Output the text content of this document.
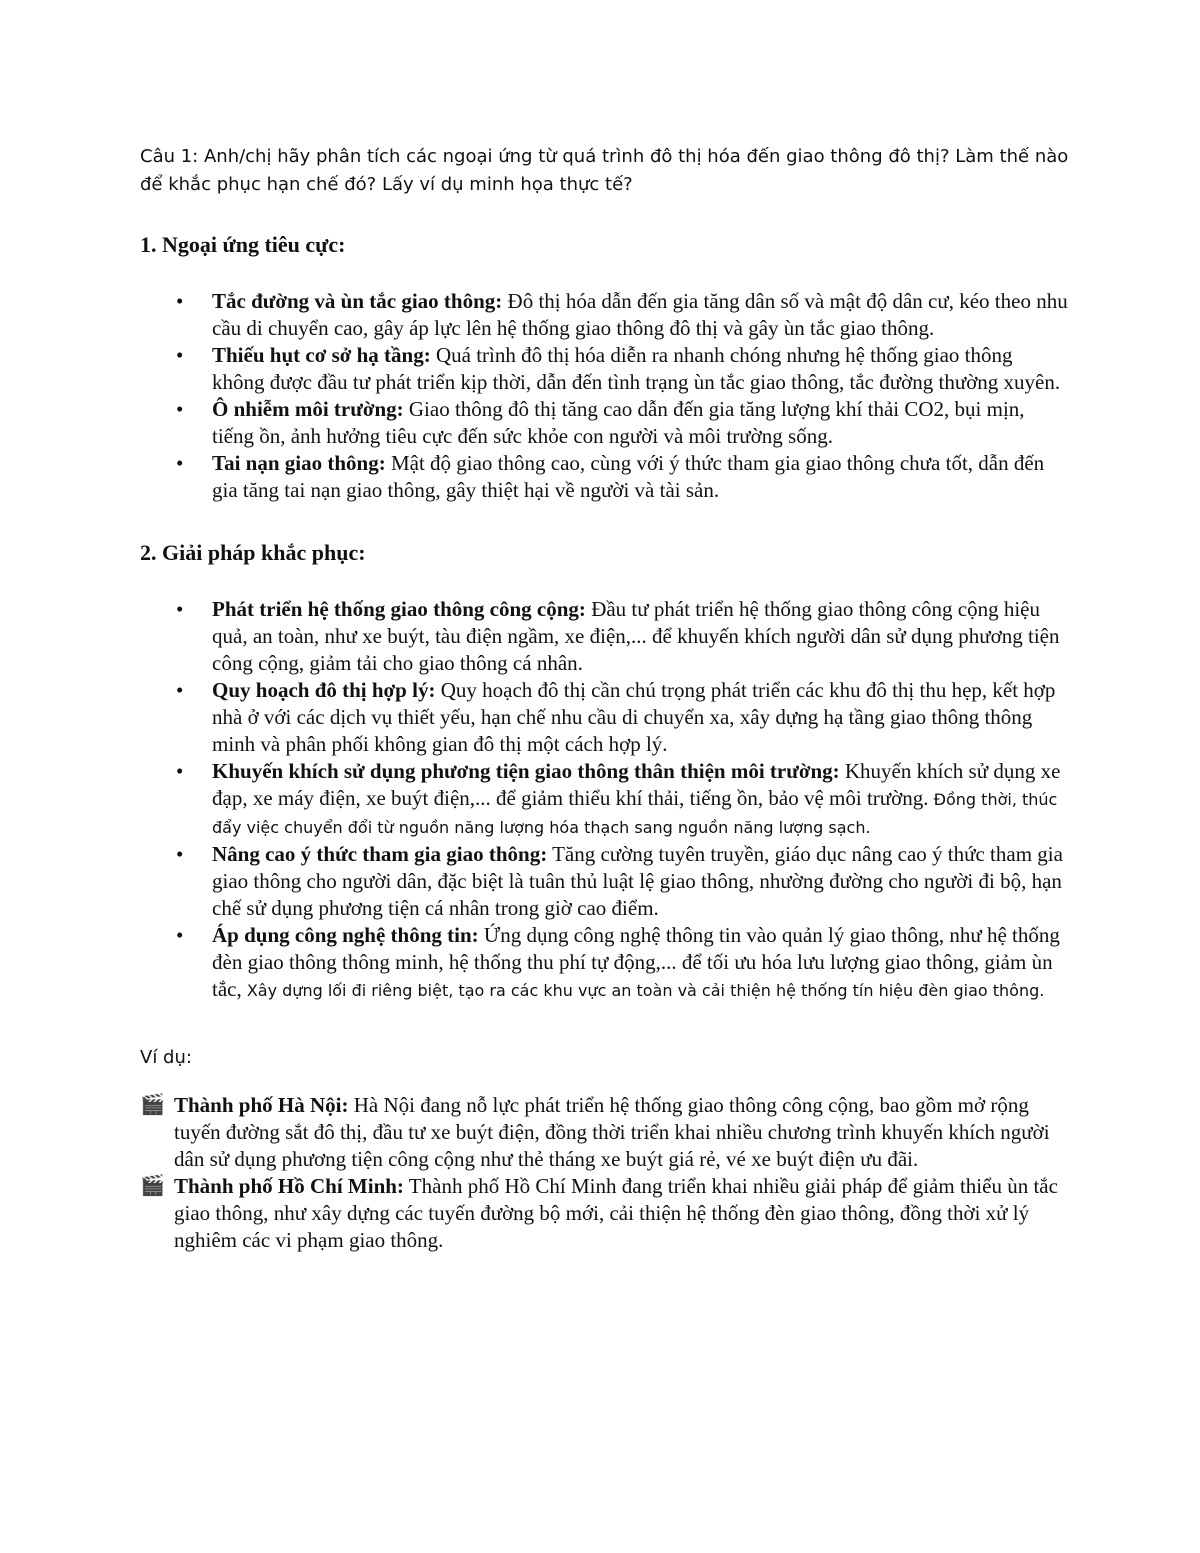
Câu 1: Anh/chị hãy phân tích các ngoại ứng từ quá trình đô thị hóa đến giao thông đô thị? Làm thế nào để khắc phục hạn chế đó? Lấy ví dụ minh họa thực tế?

1. Ngoại ứng tiêu cực:
• Tắc đường và ùn tắc giao thông: Đô thị hóa dẫn đến gia tăng dân số và mật độ dân cư, kéo theo nhu cầu di chuyển cao, gây áp lực lên hệ thống giao thông đô thị và gây ùn tắc giao thông.
• Thiếu hụt cơ sở hạ tầng: Quá trình đô thị hóa diễn ra nhanh chóng nhưng hệ thống giao thông không được đầu tư phát triển kịp thời, dẫn đến tình trạng ùn tắc giao thông, tắc đường thường xuyên.
• Ô nhiễm môi trường: Giao thông đô thị tăng cao dẫn đến gia tăng lượng khí thải CO2, bụi mịn, tiếng ồn, ảnh hưởng tiêu cực đến sức khỏe con người và môi trường sống.
• Tai nạn giao thông: Mật độ giao thông cao, cùng với ý thức tham gia giao thông chưa tốt, dẫn đến gia tăng tai nạn giao thông, gây thiệt hại về người và tài sản.
2. Giải pháp khắc phục:
• Phát triển hệ thống giao thông công cộng: Đầu tư phát triển hệ thống giao thông công cộng hiệu quả, an toàn, như xe buýt, tàu điện ngầm, xe điện,... để khuyến khích người dân sử dụng phương tiện công cộng, giảm tải cho giao thông cá nhân.
• Quy hoạch đô thị hợp lý: Quy hoạch đô thị cần chú trọng phát triển các khu đô thị thu hẹp, kết hợp nhà ở với các dịch vụ thiết yếu, hạn chế nhu cầu di chuyển xa, xây dựng hạ tầng giao thông thông minh và phân phối không gian đô thị một cách hợp lý.
• Khuyến khích sử dụng phương tiện giao thông thân thiện môi trường: Khuyến khích sử dụng xe đạp, xe máy điện, xe buýt điện,... để giảm thiểu khí thải, tiếng ồn, bảo vệ môi trường. Đồng thời, thúc đẩy việc chuyển đổi từ nguồn năng lượng hóa thạch sang nguồn năng lượng sạch.
• Nâng cao ý thức tham gia giao thông: Tăng cường tuyên truyền, giáo dục nâng cao ý thức tham gia giao thông cho người dân, đặc biệt là tuân thủ luật lệ giao thông, nhường đường cho người đi bộ, hạn chế sử dụng phương tiện cá nhân trong giờ cao điểm.
• Áp dụng công nghệ thông tin: Ứng dụng công nghệ thông tin vào quản lý giao thông, như hệ thống đèn giao thông thông minh, hệ thống thu phí tự động,... để tối ưu hóa lưu lượng giao thông, giảm ùn tắc, Xây dựng lối đi riêng biệt, tạo ra các khu vực an toàn và cải thiện hệ thống tín hiệu đèn giao thông.

Ví dụ:

🎬 Thành phố Hà Nội: Hà Nội đang nỗ lực phát triển hệ thống giao thông công cộng, bao gồm mở rộng tuyến đường sắt đô thị, đầu tư xe buýt điện, đồng thời triển khai nhiều chương trình khuyến khích người dân sử dụng phương tiện công cộng như thẻ tháng xe buýt giá rẻ, vé xe buýt điện ưu đãi.

🎬 Thành phố Hồ Chí Minh: Thành phố Hồ Chí Minh đang triển khai nhiều giải pháp để giảm thiểu ùn tắc giao thông, như xây dựng các tuyến đường bộ mới, cải thiện hệ thống đèn giao thông, đồng thời xử lý nghiêm các vi phạm giao thông.
